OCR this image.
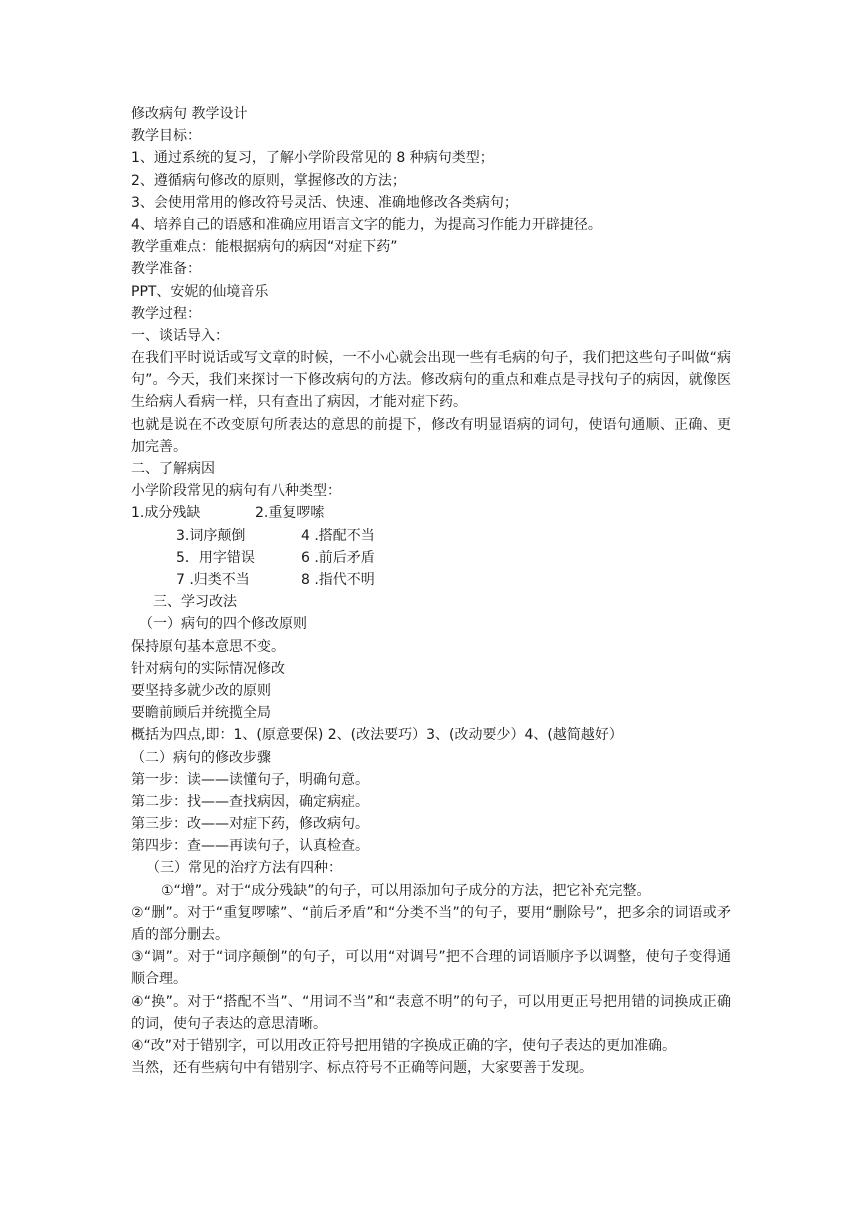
修改病句 教学设计
教学目标：
1、通过系统的复习，了解小学阶段常见的 8 种病句类型；
2、遵循病句修改的原则，掌握修改的方法；
3、会使用常用的修改符号灵活、快速、准确地修改各类病句；
4、培养自己的语感和准确应用语言文字的能力，为提高习作能力开辟捷径。
教学重难点：能根据病句的病因“对症下药”
教学准备：
PPT、安妮的仙境音乐
教学过程：
一、谈话导入：
在我们平时说话或写文章的时候，一不小心就会出现一些有毛病的句子，我们把这些句子叫做“病句”。今天，我们来探讨一下修改病句的方法。修改病句的重点和难点是寻找句子的病因，就像医生给病人看病一样，只有查出了病因，才能对症下药。
也就是说在不改变原句所表达的意思的前提下，修改有明显语病的词句，使语句通顺、正确、更加完善。
二、了解病因
小学阶段常见的病句有八种类型：
1.成分残缺	2.重复啰嗦
3.词序颠倒	4 .搭配不当
5．用字错误	6 .前后矛盾
7 .归类不当	8 .指代不明
三、学习改法
（一）病句的四个修改原则
保持原句基本意思不变。
针对病句的实际情况修改
要坚持多就少改的原则
要瞻前顾后并统揽全局
概括为四点,即：1、(原意要保) 2、(改法要巧）3、(改动要少）4、(越简越好）
（二）病句的修改步骤
第一步：读——读懂句子，明确句意。
第二步：找——查找病因，确定病症。
第三步：改——对症下药，修改病句。
第四步：查——再读句子，认真检查。
（三）常见的治疗方法有四种：
①“增”。对于“成分残缺”的句子，可以用添加句子成分的方法，把它补充完整。
②“删”。对于“重复啰嗦”、“前后矛盾”和“分类不当”的句子，要用“删除号”，把多余的词语或矛盾的部分删去。
③“调”。对于“词序颠倒”的句子，可以用“对调号”把不合理的词语顺序予以调整，使句子变得通顺合理。
④“换”。对于“搭配不当”、“用词不当”和“表意不明”的句子，可以用更正号把用错的词换成正确的词，使句子表达的意思清晰。
④“改”对于错别字，可以用改正符号把用错的字换成正确的字，使句子表达的更加准确。
当然，还有些病句中有错别字、标点符号不正确等问题，大家要善于发现。
